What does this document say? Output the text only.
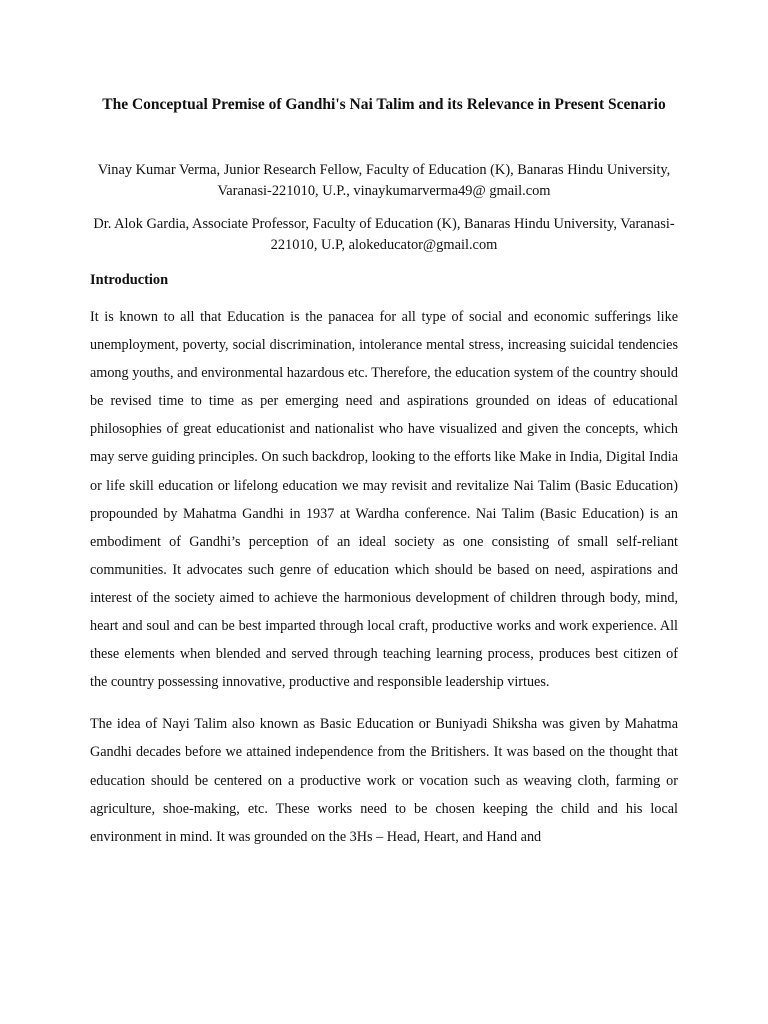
The Conceptual Premise of Gandhi's Nai Talim and its Relevance in Present Scenario

Vinay Kumar Verma, Junior Research Fellow, Faculty of Education (K), Banaras Hindu University, Varanasi-221010, U.P., vinaykumarverma49@ gmail.com

Dr. Alok Gardia, Associate Professor, Faculty of Education (K), Banaras Hindu University, Varanasi-221010, U.P, alokeducator@gmail.com

Introduction

It is known to all that Education is the panacea for all type of social and economic sufferings like unemployment, poverty, social discrimination, intolerance mental stress, increasing suicidal tendencies among youths, and environmental hazardous etc. Therefore, the education system of the country should be revised time to time as per emerging need and aspirations grounded on ideas of educational philosophies of great educationist and nationalist who have visualized and given the concepts, which may serve guiding principles. On such backdrop, looking to the efforts like Make in India, Digital India or life skill education or lifelong education we may revisit and revitalize Nai Talim (Basic Education) propounded by Mahatma Gandhi in 1937 at Wardha conference. Nai Talim (Basic Education) is an embodiment of Gandhi’s perception of an ideal society as one consisting of small self-reliant communities. It advocates such genre of education which should be based on need, aspirations and interest of the society aimed to achieve the harmonious development of children through body, mind, heart and soul and can be best imparted through local craft, productive works and work experience. All these elements when blended and served through teaching learning process, produces best citizen of the country possessing innovative, productive and responsible leadership virtues.

The idea of Nayi Talim also known as Basic Education or Buniyadi Shiksha was given by Mahatma Gandhi decades before we attained independence from the Britishers. It was based on the thought that education should be centered on a productive work or vocation such as weaving cloth, farming or agriculture, shoe-making, etc. These works need to be chosen keeping the child and his local environment in mind. It was grounded on the 3Hs – Head, Heart, and Hand and
